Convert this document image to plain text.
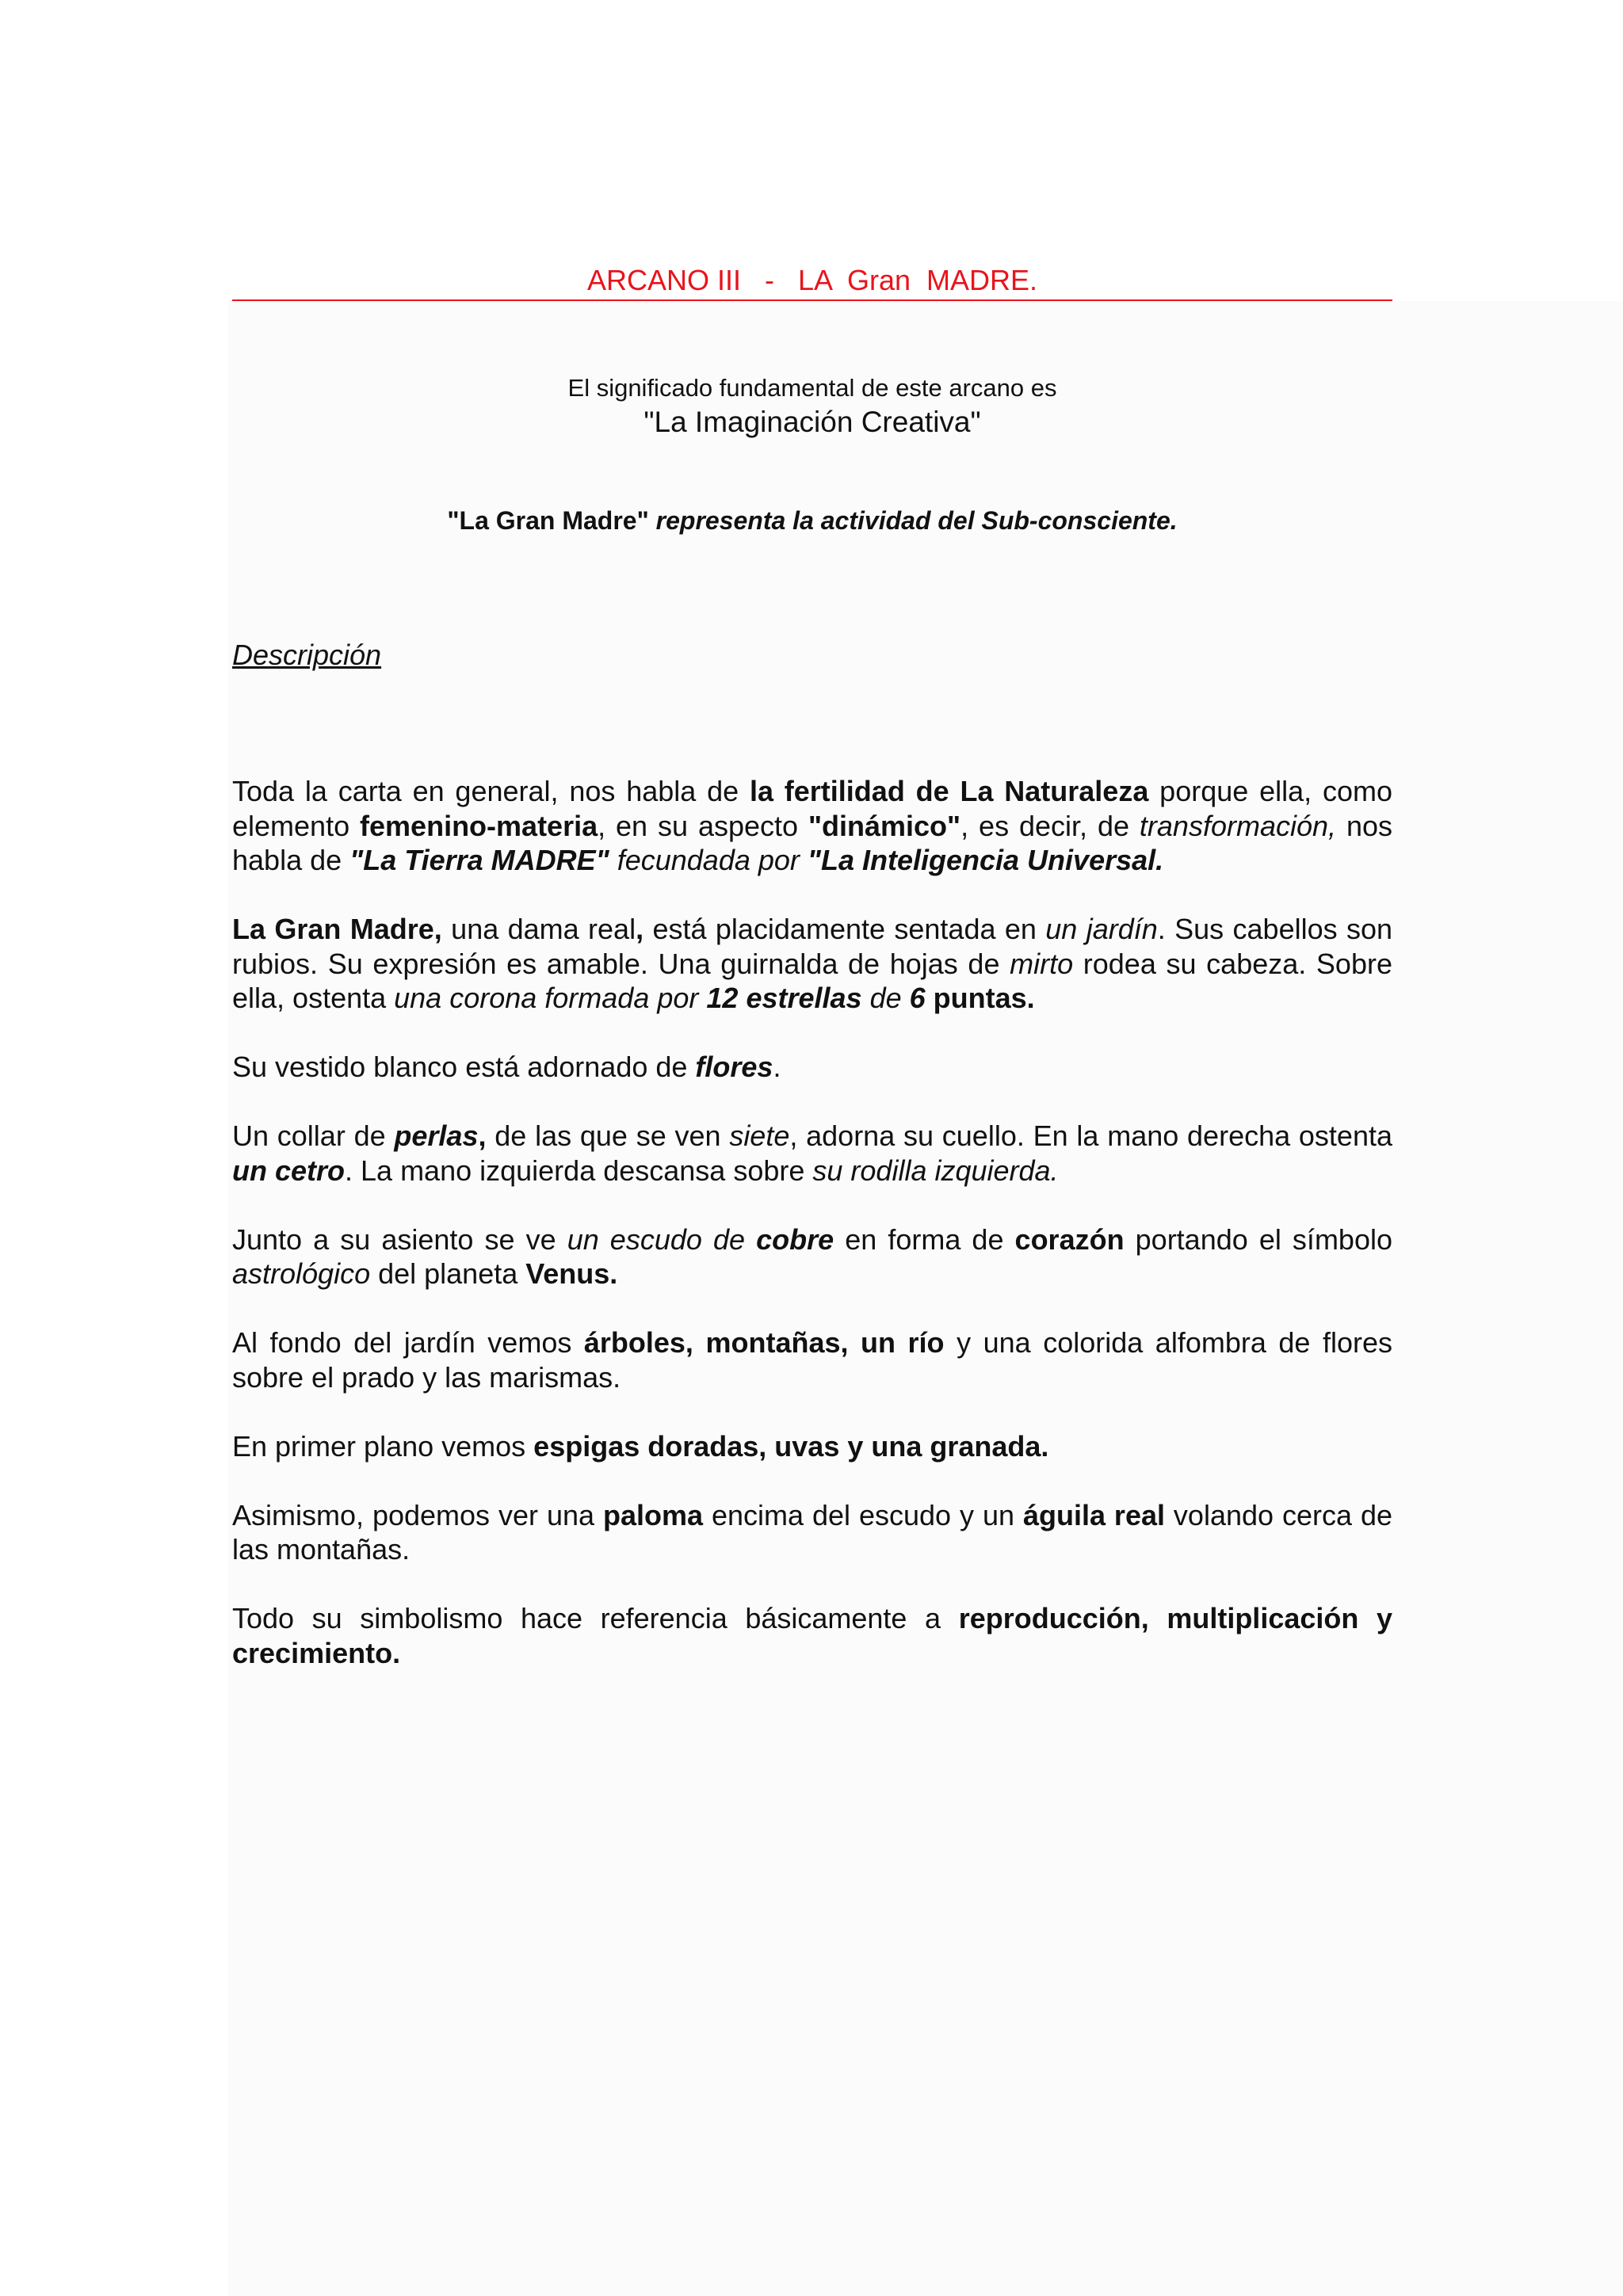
ARCANO III   -   LA  Gran  MADRE.
El significado fundamental de este arcano es
"La Imaginación Creativa"
"La Gran Madre" representa la actividad del Sub-consciente.
Descripción

Toda la carta en general, nos habla de la fertilidad de La Naturaleza porque ella, como elemento femenino-materia, en su aspecto "dinámico", es decir, de transformación, nos habla de "La Tierra MADRE" fecundada por "La Inteligencia Universal.

La Gran Madre, una dama real, está placidamente sentada en un jardín. Sus cabellos son rubios. Su expresión es amable. Una guirnalda de hojas de mirto rodea su cabeza. Sobre ella, ostenta una corona formada por 12 estrellas de 6 puntas.

Su vestido blanco está adornado de flores.

Un collar de perlas, de las que se ven siete, adorna su cuello. En la mano derecha ostenta un cetro. La mano izquierda descansa sobre su rodilla izquierda.

Junto a su asiento se ve un escudo de cobre en forma de corazón portando el símbolo astrológico del planeta Venus.

Al fondo del jardín vemos árboles, montañas, un río y una colorida alfombra de flores sobre el prado y las marismas.

En primer plano vemos espigas doradas, uvas y una granada.

Asimismo, podemos ver una paloma encima del escudo y un águila real volando cerca de las montañas.

Todo su simbolismo hace referencia básicamente a reproducción, multiplicación y crecimiento.
